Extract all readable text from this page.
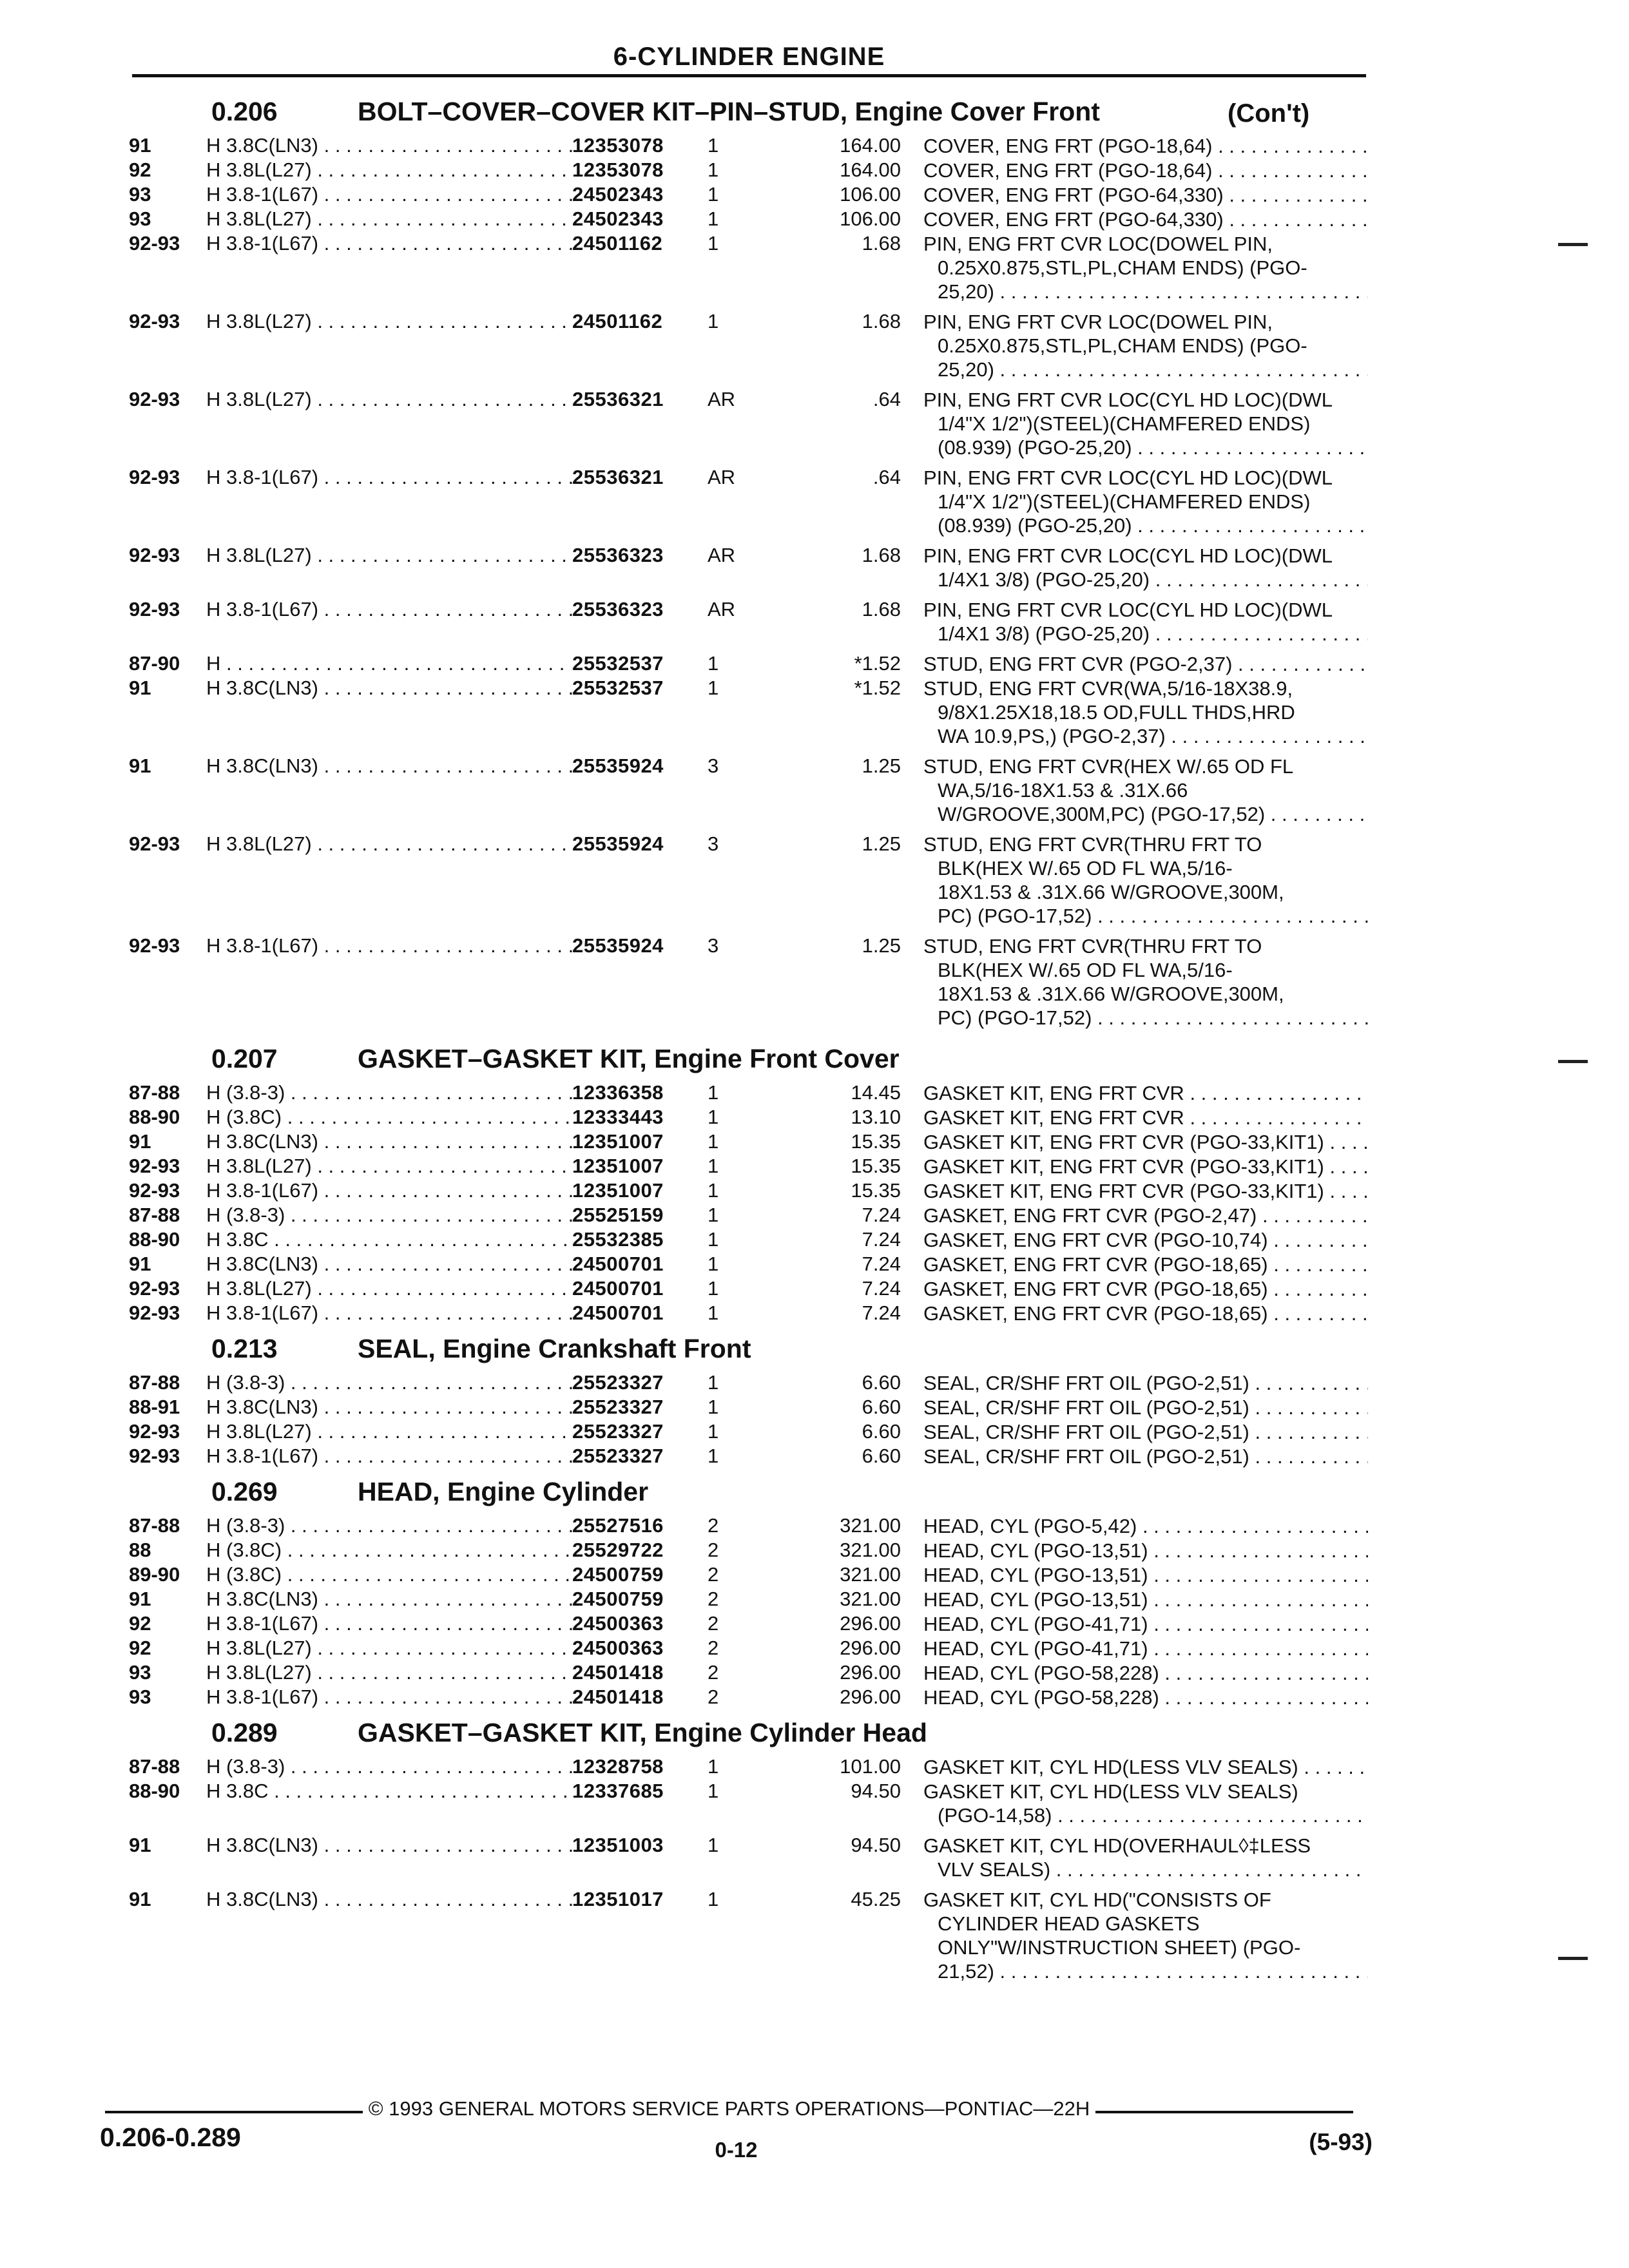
6-CYLINDER ENGINE
0.206	BOLT–COVER–COVER KIT–PIN–STUD, Engine Cover Front	(Con't)
91	H 3.8C(LN3) . . .	12353078	1	164.00 COVER, ENG FRT (PGO-18,64) . . .
92	H 3.8L(L27) . . .	12353078	1	164.00 COVER, ENG FRT (PGO-18,64) . . .
93	H 3.8-1(L67) . . .	24502343	1	106.00 COVER, ENG FRT (PGO-64,330) . . .
93	H 3.8L(L27) . . .	24502343	1	106.00 COVER, ENG FRT (PGO-64,330) . . .
92-93 H 3.8-1(L67) . . .	24501162	1	1.68 PIN, ENG FRT CVR LOC(DOWEL PIN,
0.25X0.875,STL,PL,CHAM ENDS) (PGO-
25,20) . . .
92-93 H 3.8L(L27) . . .	24501162	1	1.68 PIN, ENG FRT CVR LOC(DOWEL PIN,
0.25X0.875,STL,PL,CHAM ENDS) (PGO-
25,20) . . .
92-93 H 3.8L(L27) . . .	25536321	AR	.64 PIN, ENG FRT CVR LOC(CYL HD LOC)(DWL
1/4"X 1/2")(STEEL)(CHAMFERED ENDS)
(08.939) (PGO-25,20) . . .
92-93 H 3.8-1(L67) . . .	25536321	AR	.64 PIN, ENG FRT CVR LOC(CYL HD LOC)(DWL
1/4"X 1/2")(STEEL)(CHAMFERED ENDS)
(08.939) (PGO-25,20) . . .
92-93 H 3.8L(L27) . . .	25536323	AR	1.68 PIN, ENG FRT CVR LOC(CYL HD LOC)(DWL
1/4X1 3/8) (PGO-25,20) . . .
92-93 H 3.8-1(L67) . . .	25536323	AR	1.68 PIN, ENG FRT CVR LOC(CYL HD LOC)(DWL
1/4X1 3/8) (PGO-25,20) . . .
87-90 H . . .	25532537	1	*1.52 STUD, ENG FRT CVR (PGO-2,37) . . .
91	H 3.8C(LN3) . . .	25532537	1	*1.52 STUD, ENG FRT CVR(WA,5/16-18X38.9,
9/8X1.25X18,18.5 OD,FULL THDS,HRD
WA 10.9,PS,) (PGO-2,37) . . .
91	H 3.8C(LN3) . . .	25535924	3	1.25 STUD, ENG FRT CVR(HEX W/.65 OD FL
WA,5/16-18X1.53 & .31X.66
W/GROOVE,300M,PC) (PGO-17,52) . . .
92-93 H 3.8L(L27) . . .	25535924	3	1.25 STUD, ENG FRT CVR(THRU FRT TO
BLK(HEX W/.65 OD FL WA,5/16-
18X1.53 & .31X.66 W/GROOVE,300M,
PC) (PGO-17,52) . . .
92-93 H 3.8-1(L67) . . .	25535924	3	1.25 STUD, ENG FRT CVR(THRU FRT TO
BLK(HEX W/.65 OD FL WA,5/16-
18X1.53 & .31X.66 W/GROOVE,300M,
PC) (PGO-17,52) . . .
0.207	GASKET–GASKET KIT, Engine Front Cover
87-88 H (3.8-3) . . .	12336358	1	14.45 GASKET KIT, ENG FRT CVR . . .
88-90 H (3.8C) . . .	12333443	1	13.10 GASKET KIT, ENG FRT CVR . . .
91	H 3.8C(LN3) . . .	12351007	1	15.35 GASKET KIT, ENG FRT CVR (PGO-33,KIT1) . . .
92-93 H 3.8L(L27) . . .	12351007	1	15.35 GASKET KIT, ENG FRT CVR (PGO-33,KIT1) . . .
92-93 H 3.8-1(L67) . . .	12351007	1	15.35 GASKET KIT, ENG FRT CVR (PGO-33,KIT1) . . .
87-88 H (3.8-3) . . .	25525159	1	7.24 GASKET, ENG FRT CVR (PGO-2,47) . . .
88-90 H 3.8C . . .	25532385	1	7.24 GASKET, ENG FRT CVR (PGO-10,74) . . .
91	H 3.8C(LN3) . . .	24500701	1	7.24 GASKET, ENG FRT CVR (PGO-18,65) . . .
92-93 H 3.8L(L27) . . .	24500701	1	7.24 GASKET, ENG FRT CVR (PGO-18,65) . . .
92-93 H 3.8-1(L67) . . .	24500701	1	7.24 GASKET, ENG FRT CVR (PGO-18,65) . . .
0.213	SEAL, Engine Crankshaft Front
87-88 H (3.8-3) . . .	25523327	1	6.60 SEAL, CR/SHF FRT OIL (PGO-2,51) . . .
88-91 H 3.8C(LN3) . . .	25523327	1	6.60 SEAL, CR/SHF FRT OIL (PGO-2,51) . . .
92-93 H 3.8L(L27) . . .	25523327	1	6.60 SEAL, CR/SHF FRT OIL (PGO-2,51) . . .
92-93 H 3.8-1(L67) . . .	25523327	1	6.60 SEAL, CR/SHF FRT OIL (PGO-2,51) . . .
0.269	HEAD, Engine Cylinder
87-88 H (3.8-3) . . .	25527516	2	321.00 HEAD, CYL (PGO-5,42) . . .
88	H (3.8C) . . .	25529722	2	321.00 HEAD, CYL (PGO-13,51) . . .
89-90 H (3.8C) . . .	24500759	2	321.00 HEAD, CYL (PGO-13,51) . . .
91	H 3.8C(LN3) . . .	24500759	2	321.00 HEAD, CYL (PGO-13,51) . . .
92	H 3.8-1(L67) . . .	24500363	2	296.00 HEAD, CYL (PGO-41,71) . . .
92	H 3.8L(L27) . . .	24500363	2	296.00 HEAD, CYL (PGO-41,71) . . .
93	H 3.8L(L27) . . .	24501418	2	296.00 HEAD, CYL (PGO-58,228) . . .
93	H 3.8-1(L67) . . .	24501418	2	296.00 HEAD, CYL (PGO-58,228) . . .
0.289	GASKET–GASKET KIT, Engine Cylinder Head
87-88 H (3.8-3) . . .	12328758	1	101.00 GASKET KIT, CYL HD(LESS VLV SEALS) . . .
88-90 H 3.8C . . .	12337685	1	94.50 GASKET KIT, CYL HD(LESS VLV SEALS)
(PGO-14,58) . . .
91	H 3.8C(LN3) . . .	12351003	1	94.50 GASKET KIT, CYL HD(OVERHAUL◊‡LESS
VLV SEALS) . . .
91	H 3.8C(LN3) . . .	12351017	1	45.25 GASKET KIT, CYL HD("CONSISTS OF
CYLINDER HEAD GASKETS
ONLY"W/INSTRUCTION SHEET) (PGO-
21,52) . . .
© 1993 GENERAL MOTORS SERVICE PARTS OPERATIONS—PONTIAC—22H
0.206-0.289	0-12	(5-93)
